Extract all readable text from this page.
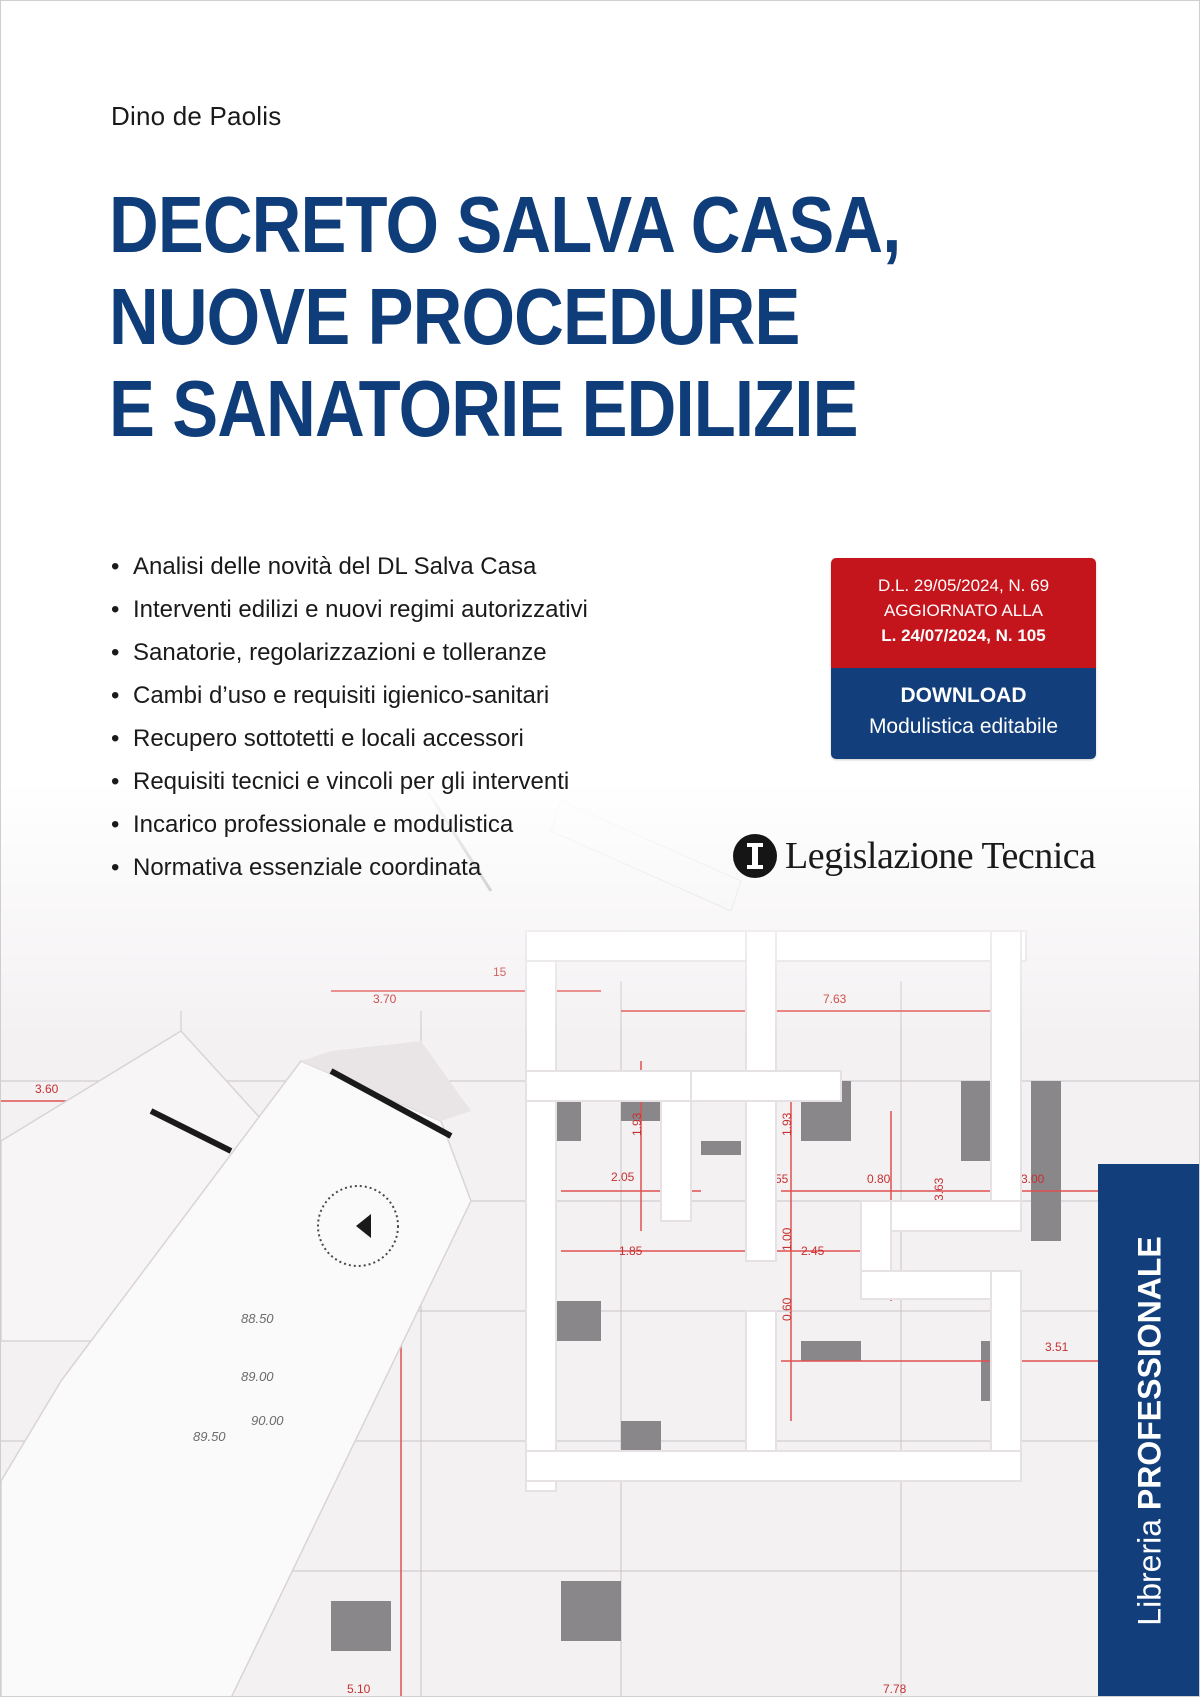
Dino de Paolis
DECRETO SALVA CASA,
NUOVE PROCEDURE
E SANATORIE EDILIZIE
• Analisi delle novità del DL Salva Casa
• Interventi edilizi e nuovi regimi autorizzativi
• Sanatorie, regolarizzazioni e tolleranze
• Cambi d’uso e requisiti igienico-sanitari
• Recupero sottotetti e locali accessori
• Requisiti tecnici e vincoli per gli interventi
• Incarico professionale e modulistica
• Normativa essenziale coordinata
D.L. 29/05/2024, N. 69
AGGIORNATO ALLA
L. 24/07/2024, N. 105
DOWNLOAD
Modulistica editabile
Legislazione Tecnica
Libreria PROFESSIONALE
